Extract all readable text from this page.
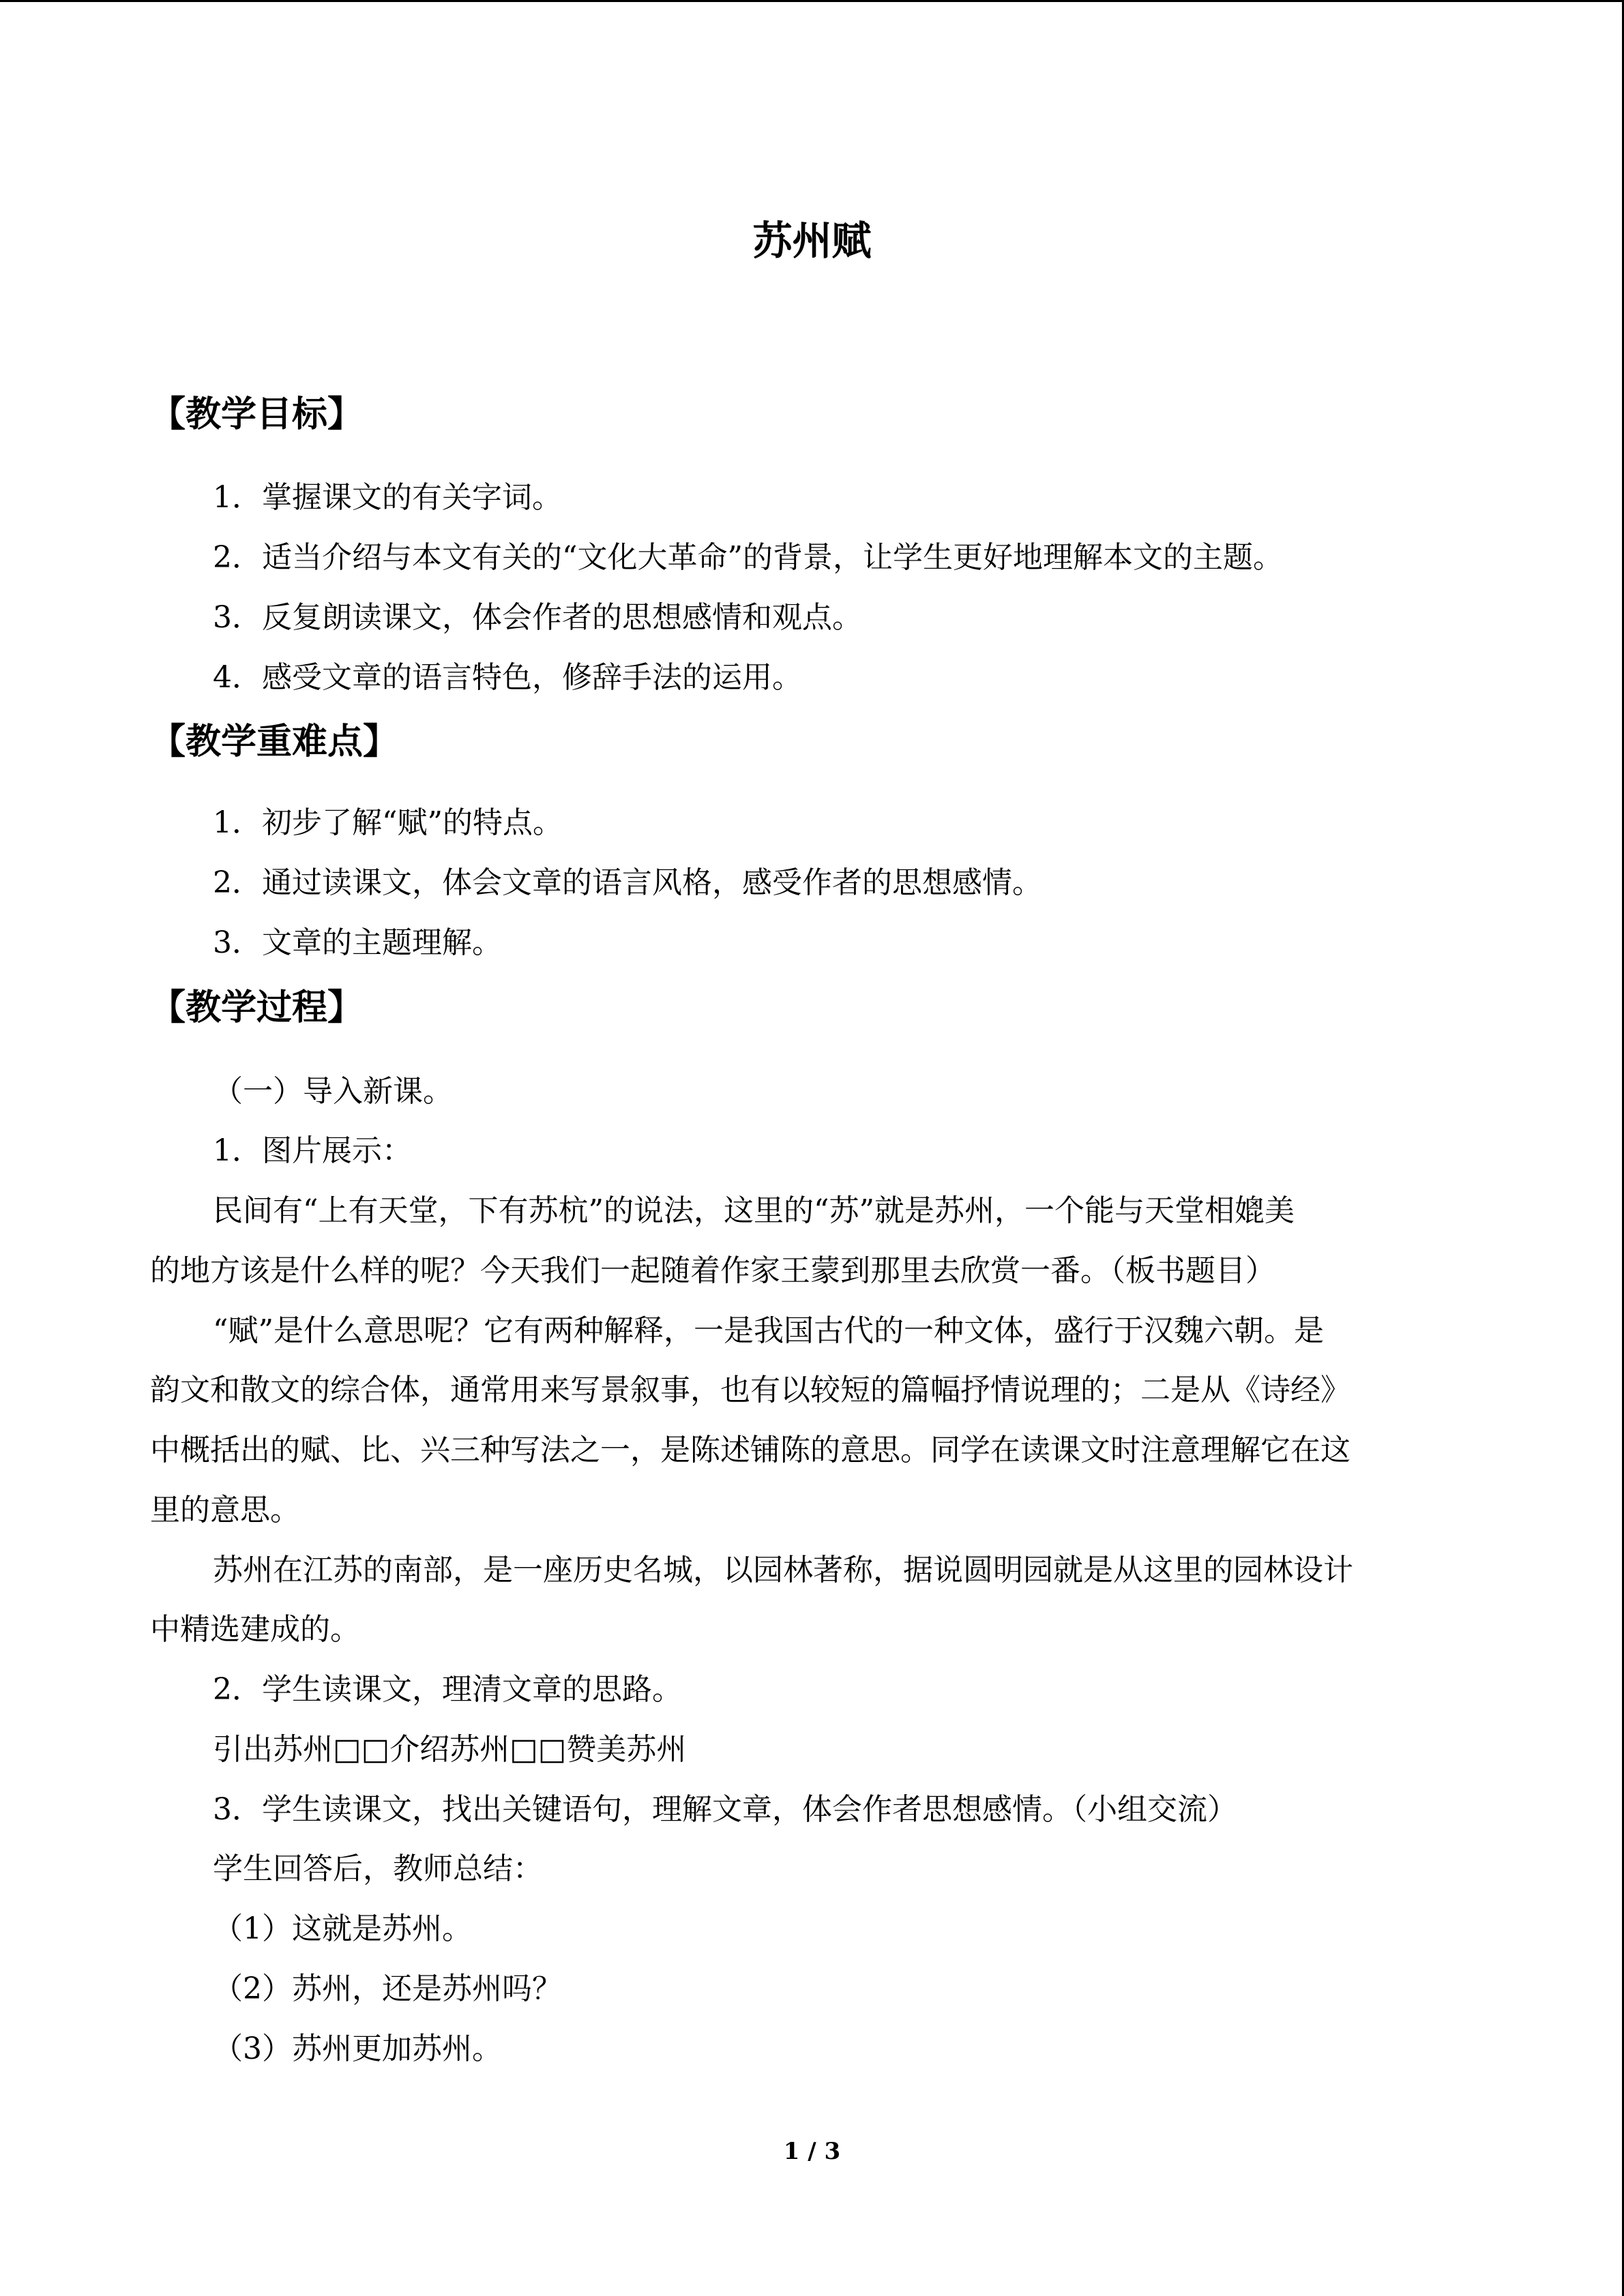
苏州赋
【教学目标】
1．掌握课文的有关字词。
2．适当介绍与本文有关的“文化大革命”的背景，让学生更好地理解本文的主题。
3．反复朗读课文，体会作者的思想感情和观点。
4．感受文章的语言特色，修辞手法的运用。
【教学重难点】
1．初步了解“赋”的特点。
2．通过读课文，体会文章的语言风格，感受作者的思想感情。
3．文章的主题理解。
【教学过程】
（一）导入新课。
1．图片展示：
民间有“上有天堂，下有苏杭”的说法，这里的“苏”就是苏州，一个能与天堂相媲美
的地方该是什么样的呢？今天我们一起随着作家王蒙到那里去欣赏一番。（板书题目）
“赋”是什么意思呢？它有两种解释，一是我国古代的一种文体，盛行于汉魏六朝。是
韵文和散文的综合体，通常用来写景叙事，也有以较短的篇幅抒情说理的；二是从《诗经》
中概括出的赋、比、兴三种写法之一，是陈述铺陈的意思。同学在读课文时注意理解它在这
里的意思。
苏州在江苏的南部，是一座历史名城，以园林著称，据说圆明园就是从这里的园林设计
中精选建成的。
2．学生读课文，理清文章的思路。
引出苏州□□介绍苏州□□赞美苏州
3．学生读课文，找出关键语句，理解文章，体会作者思想感情。（小组交流）
学生回答后，教师总结：
（1）这就是苏州。
（2）苏州，还是苏州吗？
（3）苏州更加苏州。
1 / 3
